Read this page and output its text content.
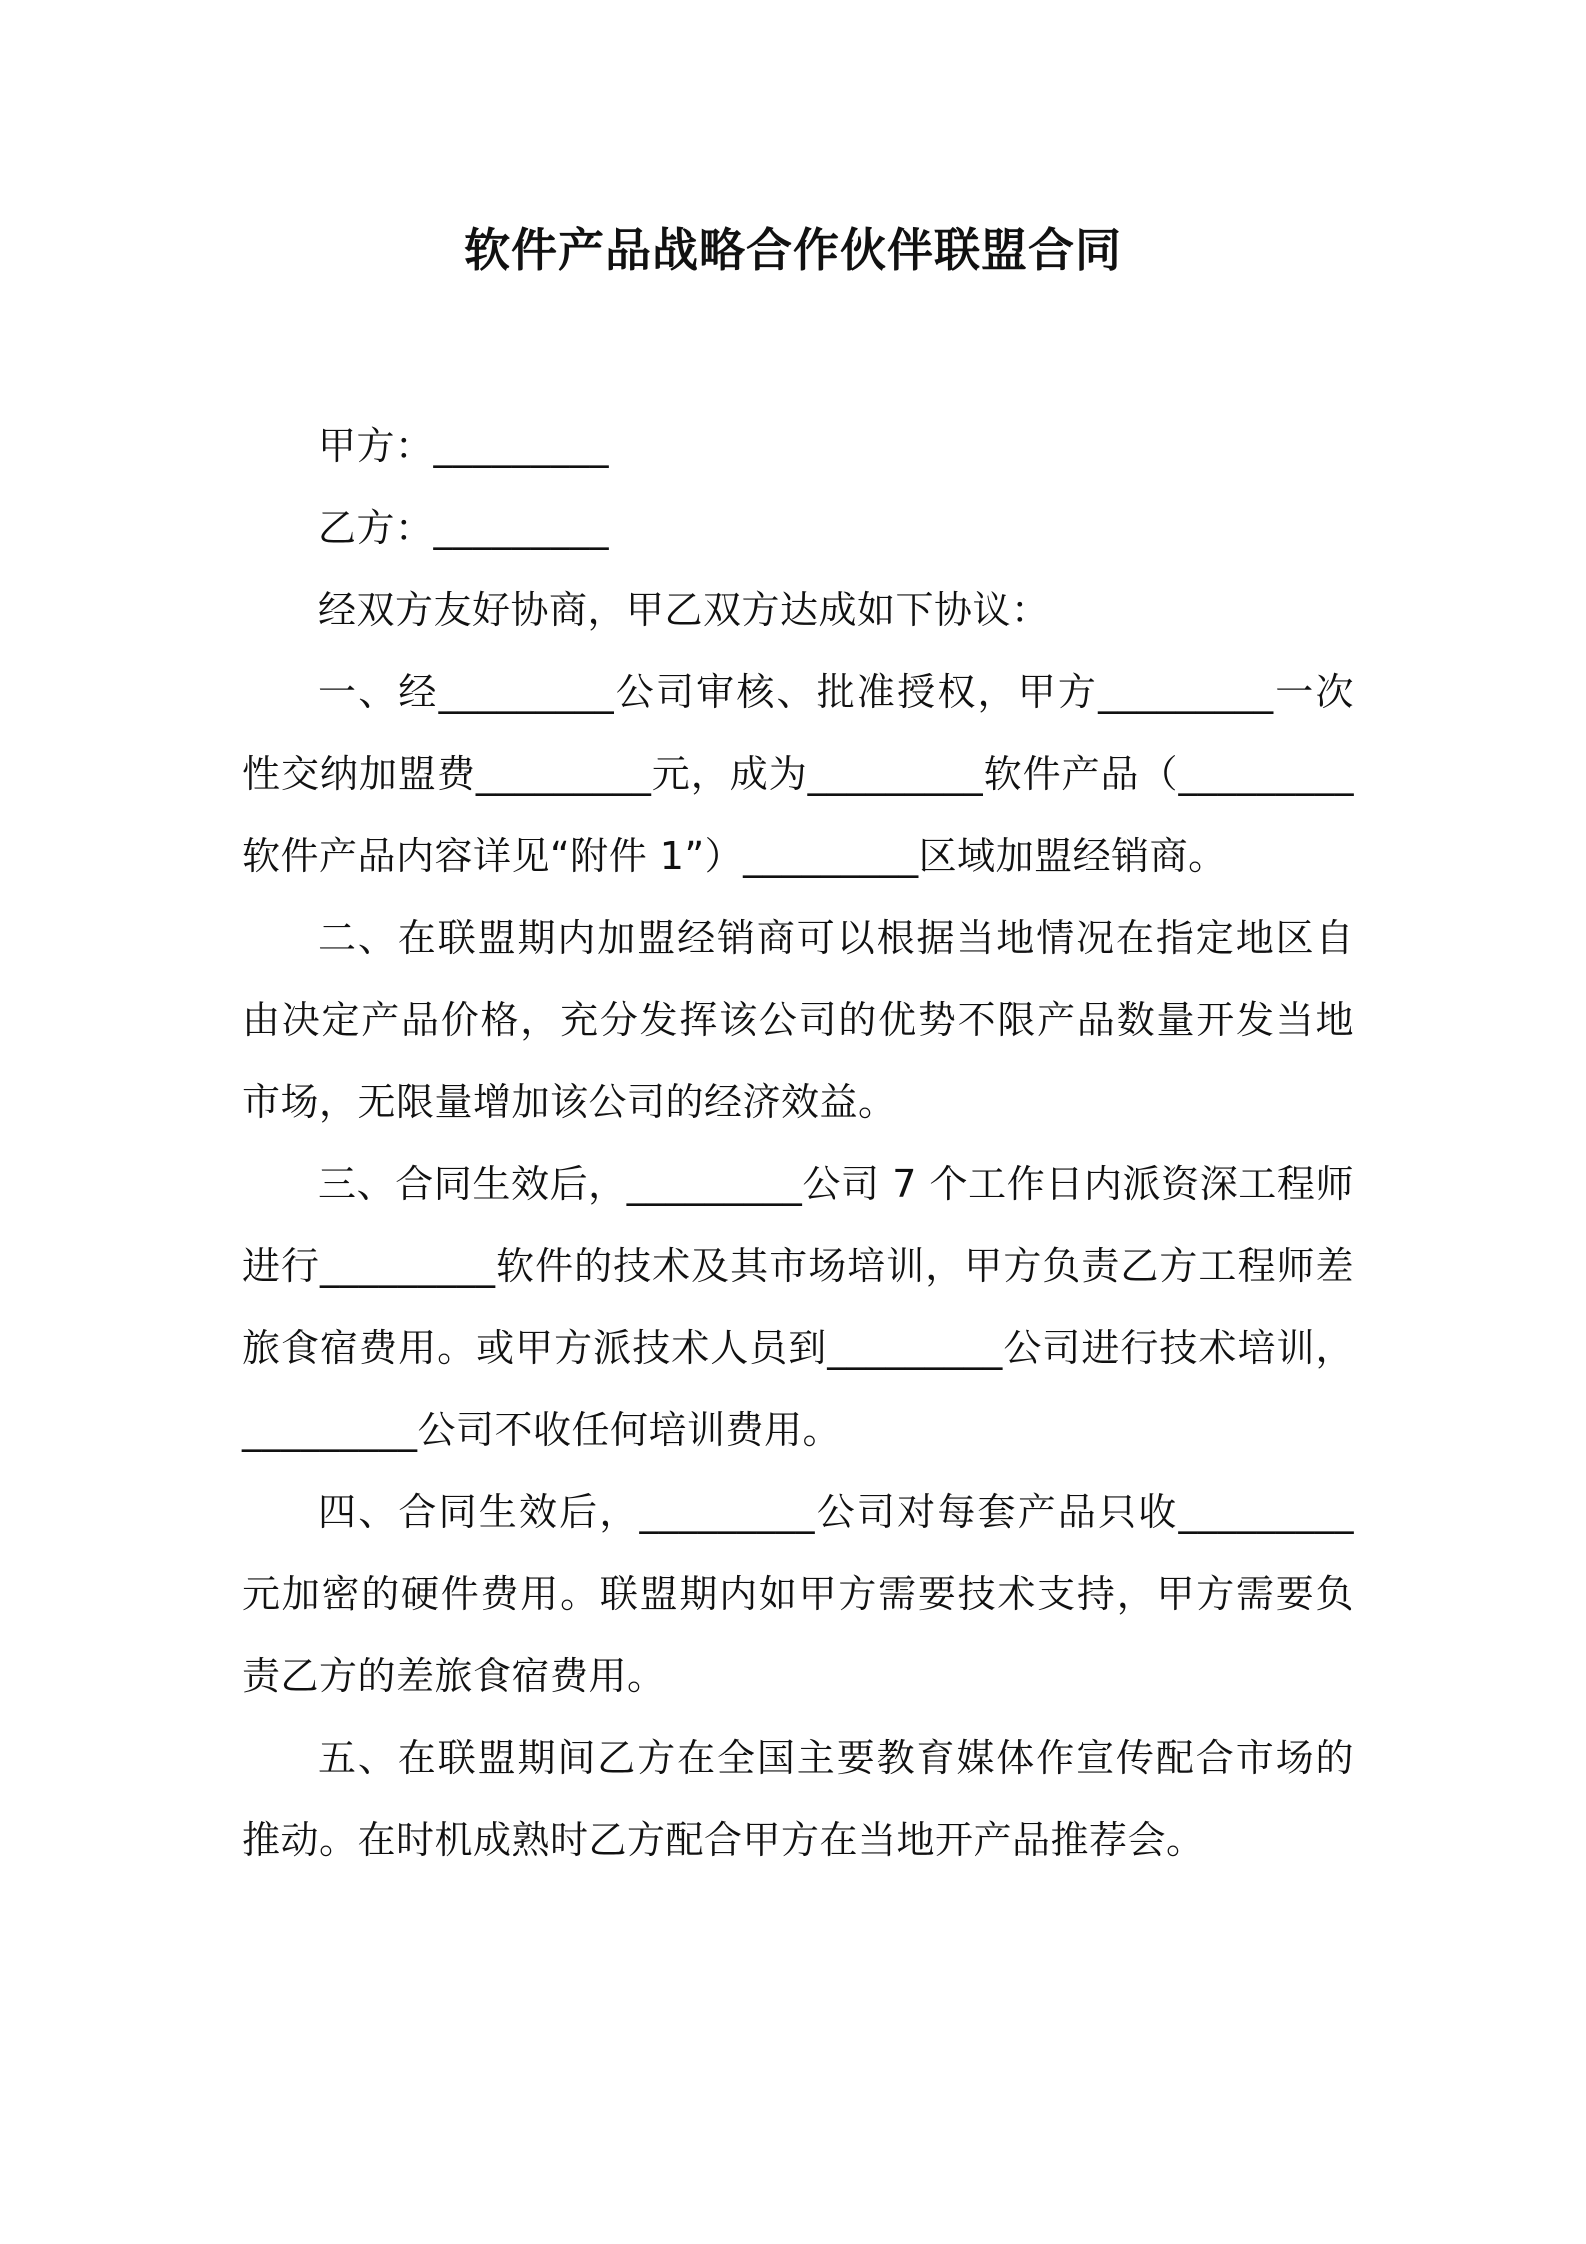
软件产品战略合作伙伴联盟合同

甲方：_________

乙方：_________

经双方友好协商，甲乙双方达成如下协议：

一、经_________公司审核、批准授权，甲方_________一次性交纳加盟费_________元，成为_________软件产品（_________软件产品内容详见“附件 1”）_________区域加盟经销商。

二、在联盟期内加盟经销商可以根据当地情况在指定地区自由决定产品价格，充分发挥该公司的优势不限产品数量开发当地市场，无限量增加该公司的经济效益。

三、合同生效后，_________公司 7 个工作日内派资深工程师进行_________软件的技术及其市场培训，甲方负责乙方工程师差旅食宿费用。或甲方派技术人员到_________公司进行技术培训，_________公司不收任何培训费用。

四、合同生效后，_________公司对每套产品只收_________元加密的硬件费用。联盟期内如甲方需要技术支持，甲方需要负责乙方的差旅食宿费用。

五、在联盟期间乙方在全国主要教育媒体作宣传配合市场的推动。在时机成熟时乙方配合甲方在当地开产品推荐会。
